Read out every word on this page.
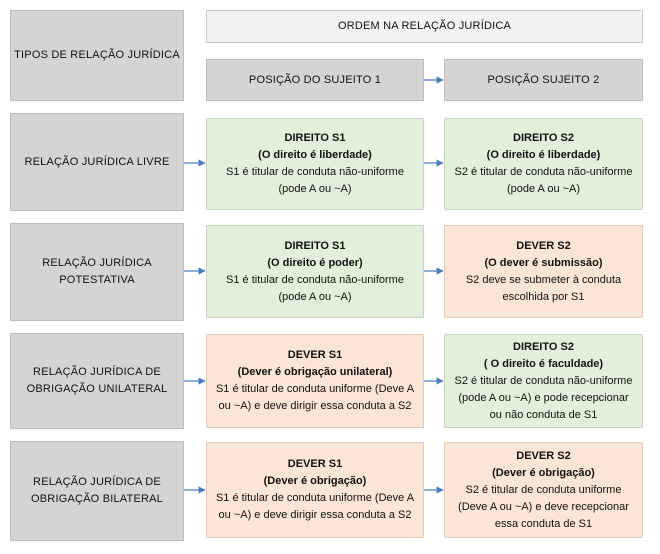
TIPOS DE RELAÇÃO JURÍDICA
ORDEM NA RELAÇÃO JURÍDICA
POSIÇÃO DO SUJEITO 1	POSIÇÃO SUJEITO 2
RELAÇÃO JURÍDICA LIVRE
DIREITO S1
(O direito é liberdade)
S1 é titular de conduta não-uniforme (pode A ou ~A)
DIREITO S2
(O direito é liberdade)
S2 é titular de conduta não-uniforme (pode A ou ~A)
RELAÇÃO JURÍDICA POTESTATIVA
DIREITO S1
(O direito é poder)
S1 é titular de conduta não-uniforme (pode A ou ~A)
DEVER S2
(O dever é submissão)
S2 deve se submeter à conduta escolhida por S1
RELAÇÃO JURÍDICA DE OBRIGAÇÃO UNILATERAL
DEVER S1
(Dever é obrigação unilateral)
S1 é titular de conduta uniforme (Deve A ou ~A) e deve dirigir essa conduta a S2
DIREITO S2
( O direito é faculdade)
S2 é titular de conduta não-uniforme (pode A ou ~A) e pode recepcionar ou não conduta de S1
RELAÇÃO JURÍDICA DE OBRIGAÇÃO BILATERAL
DEVER S1
(Dever é obrigação)
S1 é titular de conduta uniforme (Deve A ou ~A) e deve dirigir essa conduta a S2
DEVER S2
(Dever é obrigação)
S2 é titular de conduta uniforme (Deve A ou ~A) e deve recepcionar essa conduta de S1
